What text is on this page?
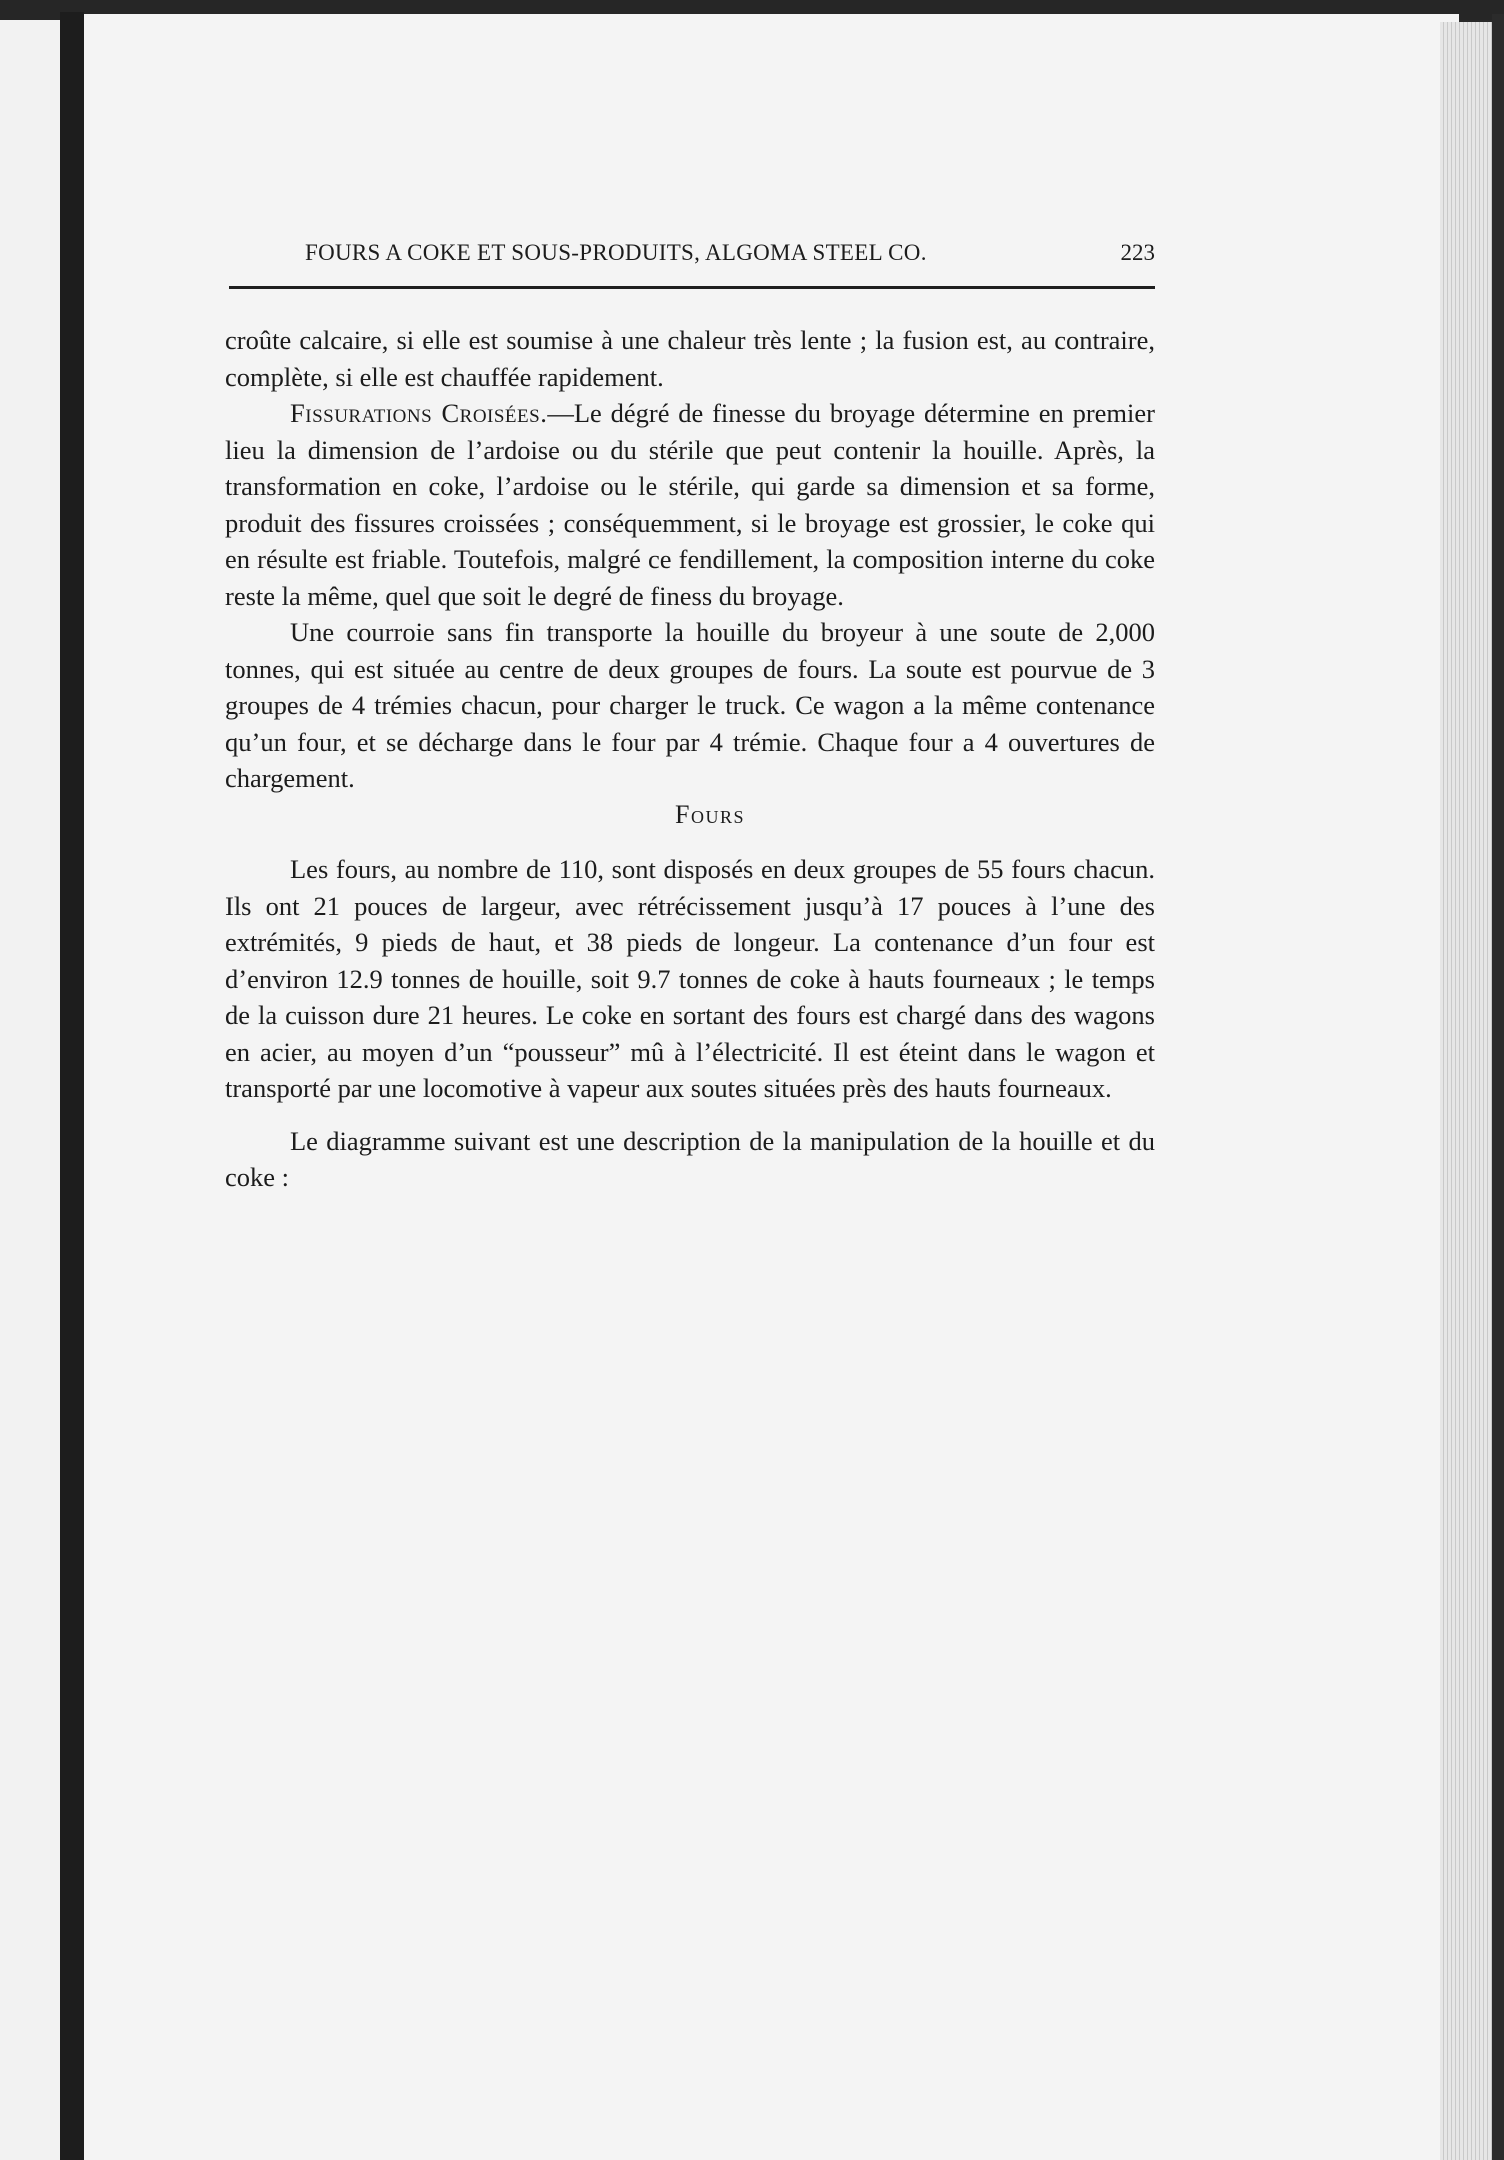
FOURS A COKE ET SOUS-PRODUITS, ALGOMA STEEL CO.	223

croûte calcaire, si elle est soumise à une chaleur très lente ; la fusion est, au contraire, complète, si elle est chauffée rapidement.

Fissurations Croisées.—Le dégré de finesse du broyage détermine en premier lieu la dimension de l’ardoise ou du stérile que peut contenir la houille. Après, la transformation en coke, l’ardoise ou le stérile, qui garde sa dimension et sa forme, produit des fissures croissées ; conséquemment, si le broyage est grossier, le coke qui en résulte est friable. Toutefois, malgré ce fendillement, la composition interne du coke reste la même, quel que soit le degré de finess du broyage.

Une courroie sans fin transporte la houille du broyeur à une soute de 2,000 tonnes, qui est située au centre de deux groupes de fours. La soute est pourvue de 3 groupes de 4 trémies chacun, pour charger le truck. Ce wagon a la même contenance qu’un four, et se décharge dans le four par 4 trémie. Chaque four a 4 ouvertures de chargement.

Fours

Les fours, au nombre de 110, sont disposés en deux groupes de 55 fours chacun. Ils ont 21 pouces de largeur, avec rétrécissement jusqu’à 17 pouces à l’une des extrémités, 9 pieds de haut, et 38 pieds de longeur. La contenance d’un four est d’environ 12.9 tonnes de houille, soit 9.7 tonnes de coke à hauts fourneaux ; le temps de la cuisson dure 21 heures. Le coke en sortant des fours est chargé dans des wagons en acier, au moyen d’un “pousseur” mû à l’électricité. Il est éteint dans le wagon et transporté par une locomotive à vapeur aux soutes situées près des hauts fourneaux.

Le diagramme suivant est une description de la manipulation de la houille et du coke :
